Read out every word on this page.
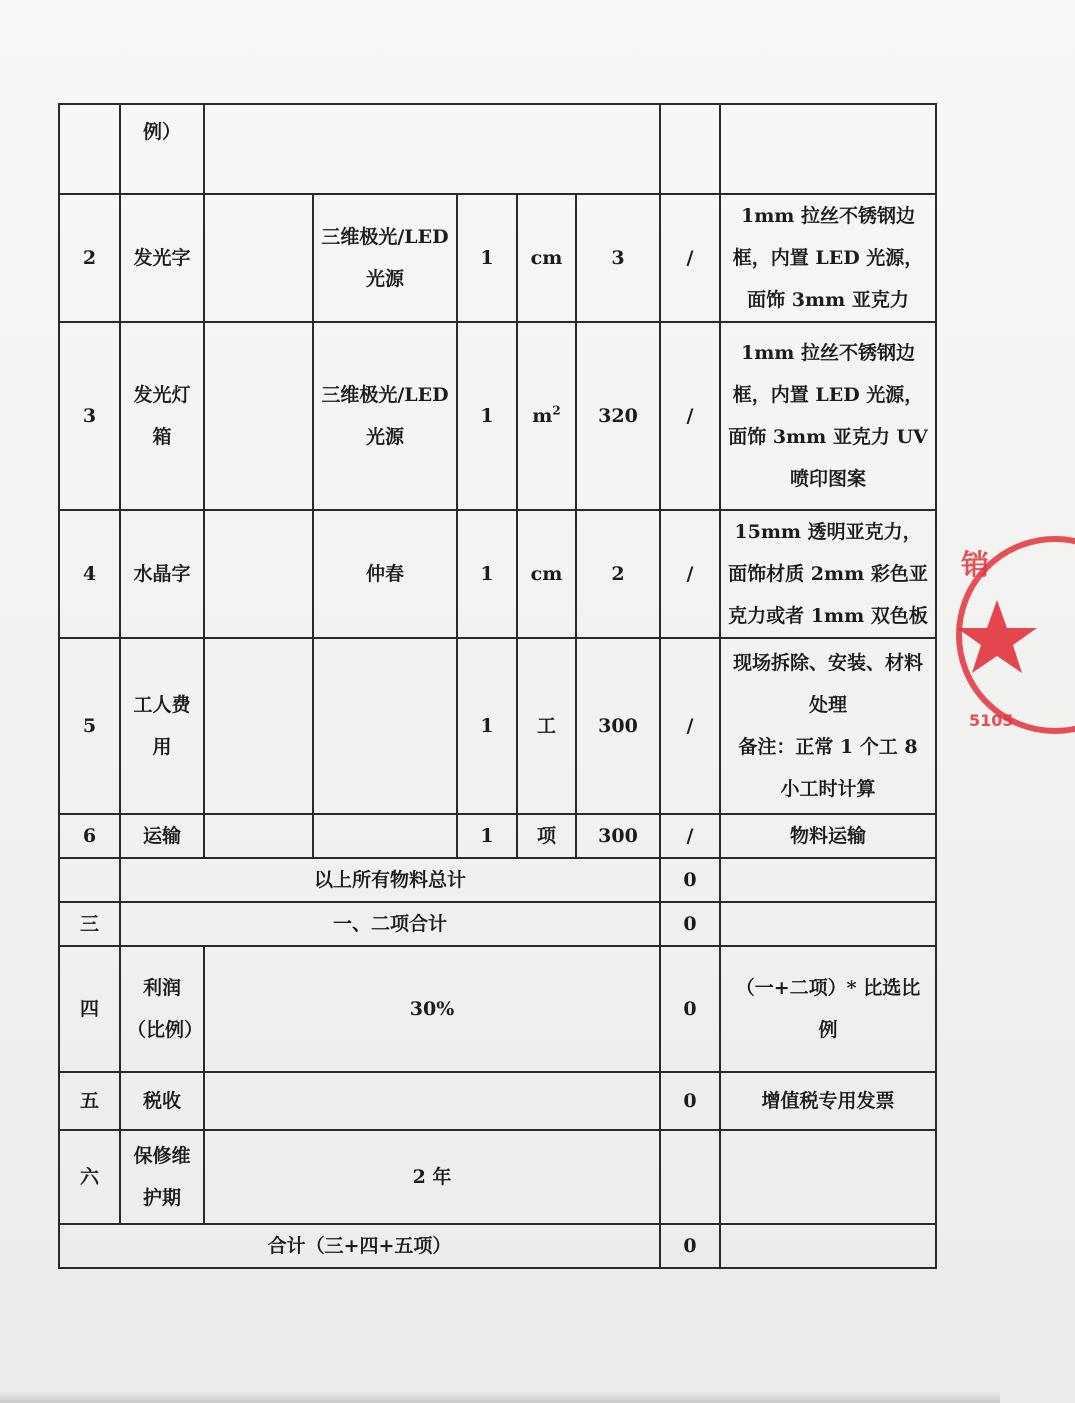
	例）							
2	发光字		三维极光/LED 光源	1	cm	3	/	1mm 拉丝不锈钢边框，内置 LED 光源，面饰 3mm 亚克力
3	发光灯箱		三维极光/LED 光源	1	$m^2$	320	/	1mm 拉丝不锈钢边框，内置 LED 光源，面饰 3mm 亚克力 UV 喷印图案
4	水晶字		仲春	1	cm	2	/	15mm 透明亚克力，面饰材质 2mm 彩色亚克力或者 1mm 双色板
5	工人费用			1	工	300	/	现场拆除、安装、材料处理
备注：正常 1 个工 8 小工时计算

6	运输			1	项	300	/	物料运输
	以上所有物料总计						0	
三	一、二项合计						0	
四	利润（比例）	30%					0	（一+二项）* 比选比例
五	税收						0	增值税专用发票
六	保修维护期	2 年						
合计（三+四+五项）							0	
销
5105
